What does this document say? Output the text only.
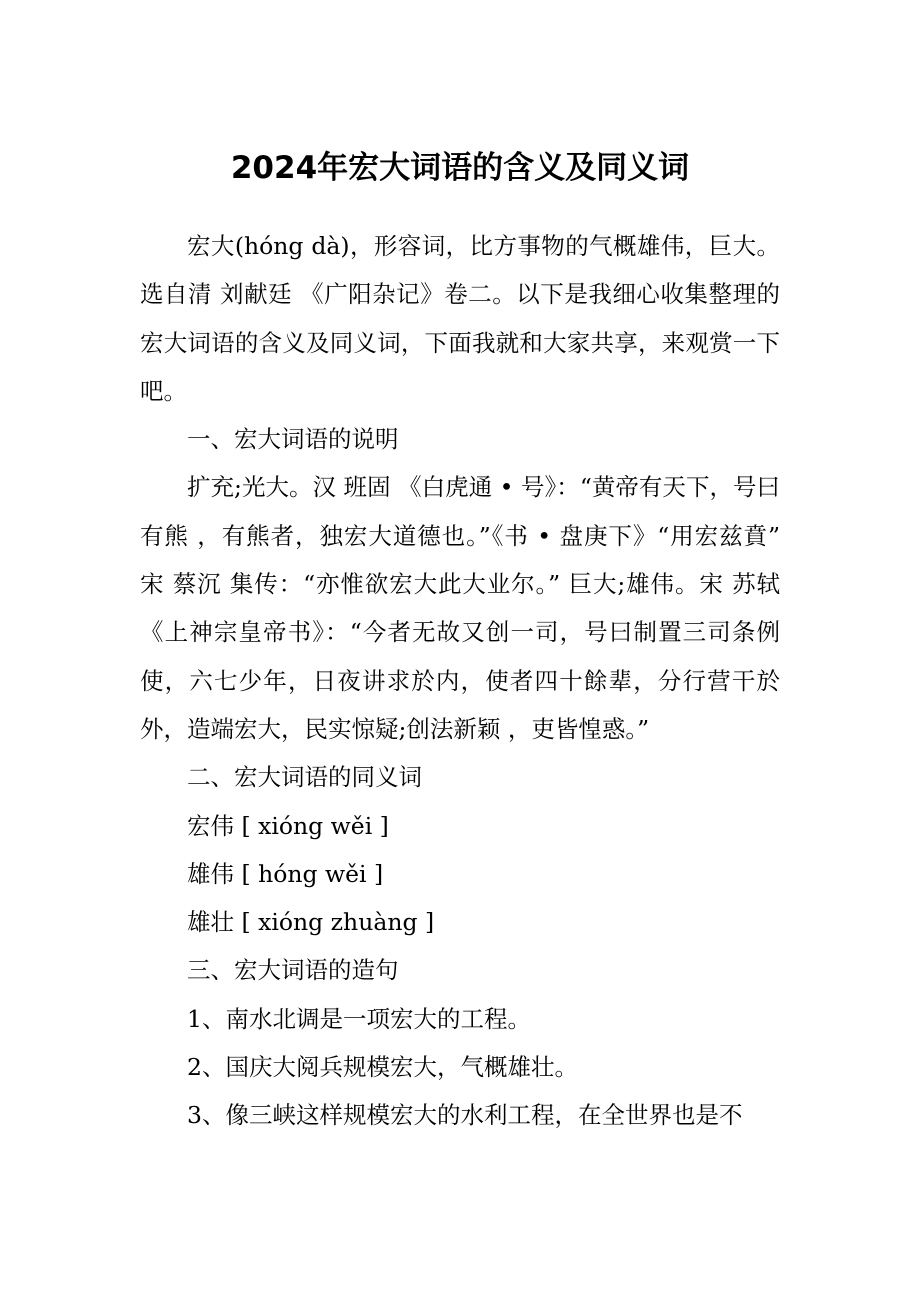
2024年宏大词语的含义及同义词

宏大(hóng dà)，形容词，比方事物的气概雄伟，巨大。选自清 刘献廷 《广阳杂记》卷二。以下是我细心收集整理的宏大词语的含义及同义词，下面我就和大家共享，来观赏一下吧。

一、宏大词语的说明

扩充;光大。汉 班固 《白虎通 • 号》：“黄帝有天下，号曰 有熊 ，有熊者，独宏大道德也。”《书 • 盘庚下》“用宏兹賁” 宋 蔡沉 集传：“亦惟欲宏大此大业尔。” 巨大;雄伟。宋 苏轼 《上神宗皇帝书》：“今者无故又创一司，号曰制置三司条例使，六七少年，日夜讲求於内，使者四十餘辈，分行营干於外，造端宏大，民实惊疑;创法新颖 ，吏皆惶惑。”

二、宏大词语的同义词

宏伟 [ xióng wěi ]

雄伟 [ hóng wěi ]

雄壮 [ xióng zhuàng ]

三、宏大词语的造句

1、南水北调是一项宏大的工程。

2、国庆大阅兵规模宏大，气概雄壮。

3、像三峡这样规模宏大的水利工程，在全世界也是不
